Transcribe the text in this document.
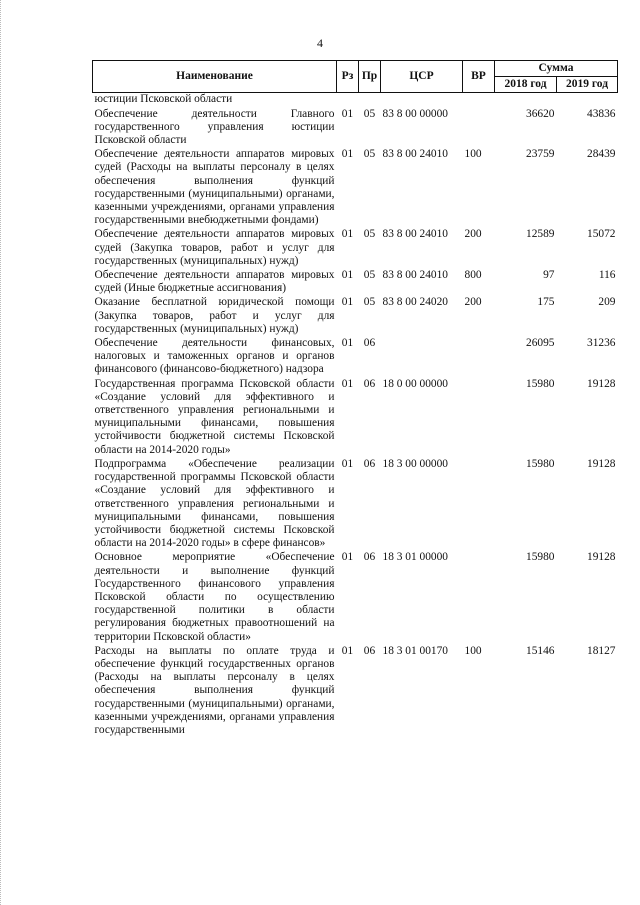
4
Наименование	Рз	Пр	ЦСР	ВР	Сумма	
					2018 год	2019 год
юстиции Псковской области						
Обеспечение деятельности Главного государственного управления юстиции Псковской области	01	05	83 8 00 00000		36620	43836
Обеспечение деятельности аппаратов мировых судей (Расходы на выплаты персоналу в целях обеспечения выполнения функций государственными (муниципальными) органами, казенными учреждениями, органами управления государственными внебюджетными фондами)	01	05	83 8 00 24010	100	23759	28439
Обеспечение деятельности аппаратов мировых судей (Закупка товаров, работ и услуг для государственных (муниципальных) нужд)	01	05	83 8 00 24010	200	12589	15072
Обеспечение деятельности аппаратов мировых судей (Иные бюджетные ассигнования)	01	05	83 8 00 24010	800	97	116
Оказание бесплатной юридической помощи (Закупка товаров, работ и услуг для государственных (муниципальных) нужд)	01	05	83 8 00 24020	200	175	209
Обеспечение деятельности финансовых, налоговых и таможенных органов и органов финансового (финансово-бюджетного) надзора	01	06			26095	31236
Государственная программа Псковской области «Создание условий для эффективного и ответственного управления региональными и муниципальными финансами, повышения устойчивости бюджетной системы Псковской области на 2014-2020 годы»	01	06	18 0 00 00000		15980	19128
Подпрограмма «Обеспечение реализации государственной программы Псковской области «Создание условий для эффективного и ответственного управления региональными и муниципальными финансами, повышения устойчивости бюджетной системы Псковской области на 2014-2020 годы» в сфере финансов»	01	06	18 3 00 00000		15980	19128
Основное мероприятие «Обеспечение деятельности и выполнение функций Государственного финансового управления Псковской области по осуществлению государственной политики в области регулирования бюджетных правоотношений на территории Псковской области»	01	06	18 3 01 00000		15980	19128
Расходы на выплаты по оплате труда и обеспечение функций государственных органов (Расходы на выплаты персоналу в целях обеспечения выполнения функций государственными (муниципальными) органами, казенными учреждениями, органами управления государственными	01	06	18 3 01 00170	100	15146	18127
